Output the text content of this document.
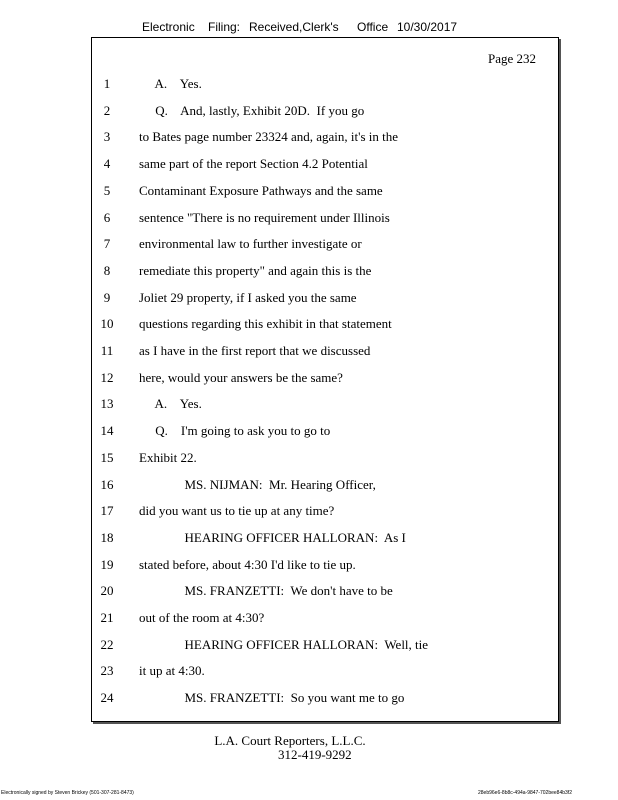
Electronic	Filing: Received,Clerk's	Office 10/30/2017
Page 232
1	A.    Yes.
2	Q.    And, lastly, Exhibit 20D.  If you go
3	to Bates page number 23324 and, again, it's in the
4	same part of the report Section 4.2 Potential
5	Contaminant Exposure Pathways and the same
6	sentence "There is no requirement under Illinois
7	environmental law to further investigate or
8	remediate this property" and again this is the
9	Joliet 29 property, if I asked you the same
10	questions regarding this exhibit in that statement
11	as I have in the first report that we discussed
12	here, would your answers be the same?
13	A.    Yes.
14	Q.    I'm going to ask you to go to
15	Exhibit 22.
16	MS. NIJMAN:  Mr. Hearing Officer,
17	did you want us to tie up at any time?
18	HEARING OFFICER HALLORAN:  As I
19	stated before, about 4:30 I'd like to tie up.
20	MS. FRANZETTI:  We don't have to be
21	out of the room at 4:30?
22	HEARING OFFICER HALLORAN:  Well, tie
23	it up at 4:30.
24	MS. FRANZETTI:  So you want me to go
L.A. Court Reporters, L.L.C.
312-419-9292
Electronically signed by Steven Brickey (501-307-281-8473)	28eb96e6-8b8c-494a-9847-702bee84b3f2
